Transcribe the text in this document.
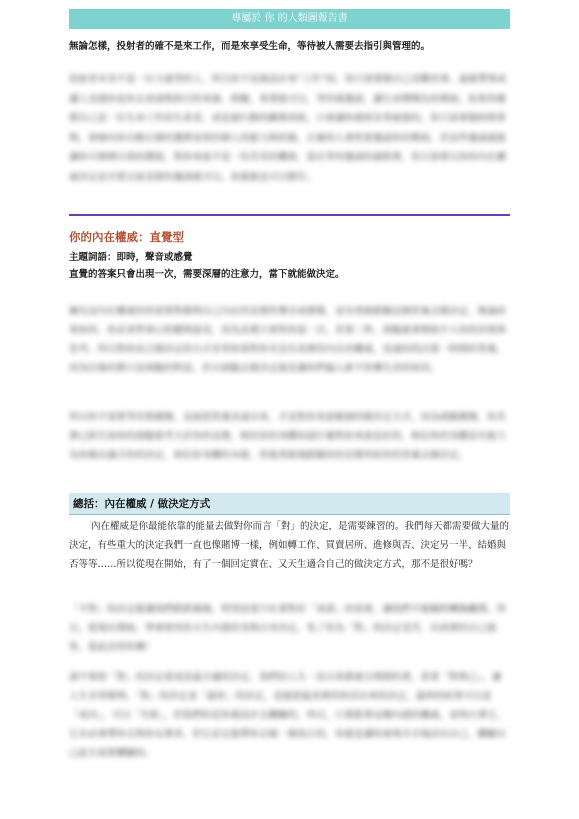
專屬於 你 的人類圖報告書
無論怎樣，投射者的確不是來工作，而是來享受生命，等待被人需要去指引與管理的。
投射者本身不是一位力量型的人，所以你不是被設計來“工作”的，你只需要做自己喜歡的事，最能帶領或讓人受惠的是你去查詢與指引的來源，經驗，事業版可以，等待被邀請，讓生命慢慢為你開展。如果你總想自己是一位生命工作的生產者，或是被行動的關係消耗，只會讓你感到非常疲倦的，你只需要做時間事物，會傾向你自動自發的選擇並保持個人的能力與狀態，正確的人會欣賞邀請你的幫助，若這些邀請就能讓你可發揮自我的價值，對你來說不是一份苦差的機會，需在等待邀請的過程裡，你只需要以你的內在權威決定是否要去接受那份邀請就可以，你就能也可以勝任。
你的內在權威：直覺型
主題詞語：即時，聲音或感覺
直覺的答案只會出現一次，需要深層的注意力，當下就能做決定。
擁有這內在權威的你需要對都與自己內在的直覺性聲音或感覺，並有勇敢跟隨這個答案去做決定，無論結果如何，你必須學會心聆聽與接受，因為直覺只會對你說一次，若第二秒，頭腦就會開始介入你的決策與思考。所以對你而言做決定的方式非常依靠對你有沒有真實的內在的權威，迅速的找出第一時間的答案，因為往後的都只是頭腦的對話，於以頭腦去做決定就是讓你們偏入新不快樂生活的原因。
所以你不需要等待與猶豫，直接把答案表達出來，才是對你來說健康的做決定方式，因為頭腦猶豫，你其實已經告訴你的頭腦那考大於你的直覺，相信你的身體知道什麼對你來說是好的，相信你的身體是有能力為你做出適合你的決定，相信你身體的本能，然後勇敢地跟隨你的直覺所給你的答案去做決定。
總括：內在權威 / 做決定方式
內在權威是你最能依靠的能量去做對你而言「對」的決定，是需要練習的。我們每天都需要做大量的決定，有些重大的決定我們一直也像賭博一樣，例如轉工作、買賣居所、進修與否、決定另一半、結婚與否等等……所以從現在開始，有了一個回定實在、又天生適合自己的做決定方式，那不是很好嗎？
「不對」的決定能讓我們跌跌撞撞，特別是現今社會對於「承諾」的看重，讓我們不能隨時轉換離開，所以，從現在開始，學會使用你天生內建的身與自身決定，免了你為「對」的決定受苦，向真實的自己提售，從此活得快樂！
請不要把「對」的決定當成是最合適的決定，我們的人生一直以來都被合理制約著，看著「對與己」，讓人生非常順利。「對」的決定並「最你」的決定，是能把最真實的你活出來的決定，最終的結果可以是「成功」，可以「失敗」，但您們的是你被設計去體驗的，所以，只要跟著這種內建的權威，並明白著它，它未必會帶你去與你妄實者，但它必定能帶你去做一個真正的，你就是讓你展現全全地活出自己，體驗自己此生需要體驗的。
